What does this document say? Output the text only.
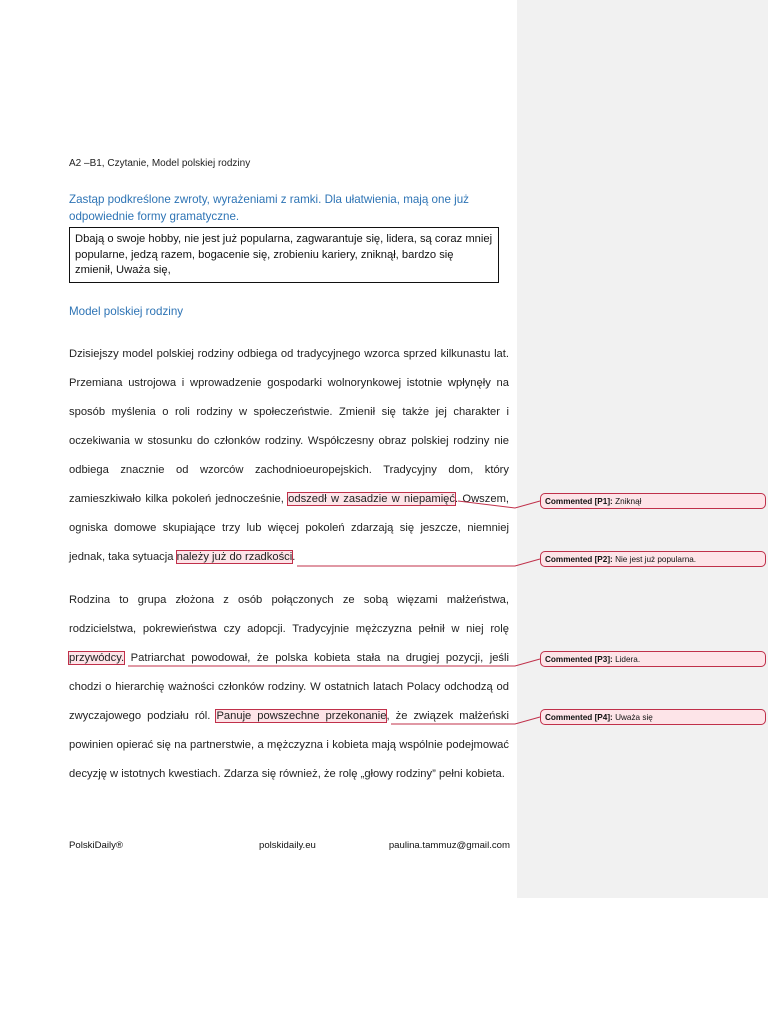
A2 –B1, Czytanie, Model polskiej rodziny
Zastąp podkreślone zwroty, wyrażeniami z ramki. Dla ułatwienia, mają one już odpowiednie formy gramatyczne.
Dbają o swoje hobby, nie jest już popularna, zagwarantuje się, lidera, są coraz mniej popularne, jedzą razem, bogacenie się, zrobieniu kariery, zniknął, bardzo się zmienił, Uważa się,
Model polskiej rodziny
Dzisiejszy model polskiej rodziny odbiega od tradycyjnego wzorca sprzed kilkunastu lat. Przemiana ustrojowa i wprowadzenie gospodarki wolnorynkowej istotnie wpłynęły na sposób myślenia o roli rodziny w społeczeństwie. Zmienił się także jej charakter i oczekiwania w stosunku do członków rodziny. Współczesny obraz polskiej rodziny nie odbiega znacznie od wzorców zachodnioeuropejskich. Tradycyjny dom, który zamieszkiwało kilka pokoleń jednocześnie, odszedł w zasadzie w niepamięć. Owszem, ogniska domowe skupiające trzy lub więcej pokoleń zdarzają się jeszcze, niemniej jednak, taka sytuacja należy już do rzadkości.
Rodzina to grupa złożona z osób połączonych ze sobą więzami małżeństwa, rodzicielstwa, pokrewieństwa czy adopcji. Tradycyjnie mężczyzna pełnił w niej rolę przywódcy. Patriarchat powodował, że polska kobieta stała na drugiej pozycji, jeśli chodzi o hierarchię ważności członków rodziny. W ostatnich latach Polacy odchodzą od zwyczajowego podziału ról. Panuje powszechne przekonanie, że związek małżeński powinien opierać się na partnerstwie, a mężczyzna i kobieta mają wspólnie podejmować decyzję w istotnych kwestiach. Zdarza się również, że rolę „głowy rodziny” pełni kobieta.
PolskiDaily®	polskidaily.eu	paulina.tammuz@gmail.com
Commented [P1]: Zniknął
Commented [P2]: Nie jest już popularna.
Commented [P3]: Lidera.
Commented [P4]: Uważa się
